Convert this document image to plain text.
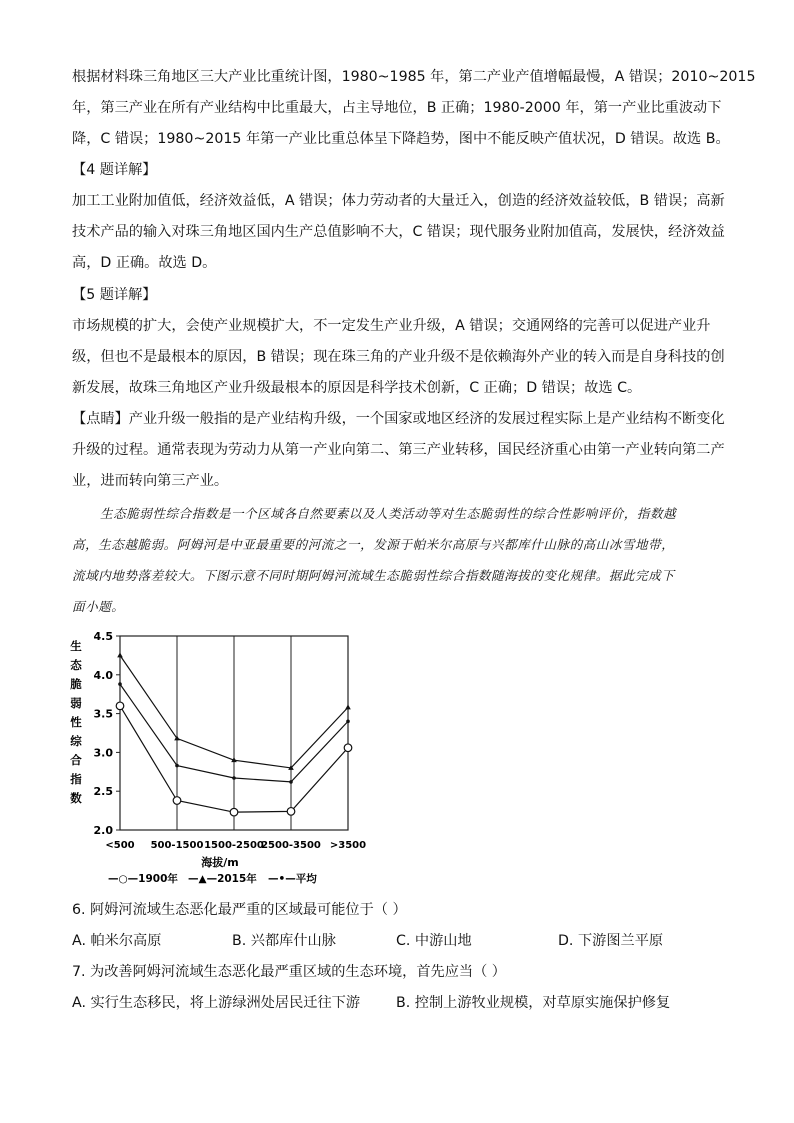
根据材料珠三角地区三大产业比重统计图，1980~1985 年，第二产业产值增幅最慢，A 错误；2010~2015
年，第三产业在所有产业结构中比重最大，占主导地位，B 正确；1980-2000 年，第一产业比重波动下
降，C 错误；1980~2015 年第一产业比重总体呈下降趋势，图中不能反映产值状况，D 错误。故选 B。
【4 题详解】
加工工业附加值低，经济效益低，A 错误；体力劳动者的大量迁入，创造的经济效益较低，B 错误；高新
技术产品的输入对珠三角地区国内生产总值影响不大，C 错误；现代服务业附加值高，发展快，经济效益
高，D 正确。故选 D。
【5 题详解】
市场规模的扩大，会使产业规模扩大，不一定发生产业升级，A 错误；交通网络的完善可以促进产业升
级，但也不是最根本的原因，B 错误；现在珠三角的产业升级不是依赖海外产业的转入而是自身科技的创
新发展，故珠三角地区产业升级最根本的原因是科学技术创新，C 正确；D 错误；故选 C。
【点睛】产业升级一般指的是产业结构升级，一个国家或地区经济的发展过程实际上是产业结构不断变化
升级的过程。通常表现为劳动力从第一产业向第二、第三产业转移，国民经济重心由第一产业转向第二产
业，进而转向第三产业。
生态脆弱性综合指数是一个区域各自然要素以及人类活动等对生态脆弱性的综合性影响评价，指数越
高，生态越脆弱。阿姆河是中亚最重要的河流之一，发源于帕米尔高原与兴都库什山脉的高山冰雪地带，
流域内地势落差较大。下图示意不同时期阿姆河流域生态脆弱性综合指数随海拔的变化规律。据此完成下
面小题。
2.0
2.5
3.0
3.5
4.0
4.5
生
态
脆
弱
性
综
合
指
数
<500 500-1500 1500-2500
2500-3500 >3500
海拔/m
—○—1900年 —▲—2015年 —•—平均
6. 阿姆河流域生态恶化最严重的区域最可能位于（ ）
A. 帕米尔高原	B. 兴都库什山脉	C. 中游山地	D. 下游图兰平原
7. 为改善阿姆河流域生态恶化最严重区域的生态环境，首先应当（ ）
A. 实行生态移民，将上游绿洲处居民迁往下游	B. 控制上游牧业规模，对草原实施保护修复
